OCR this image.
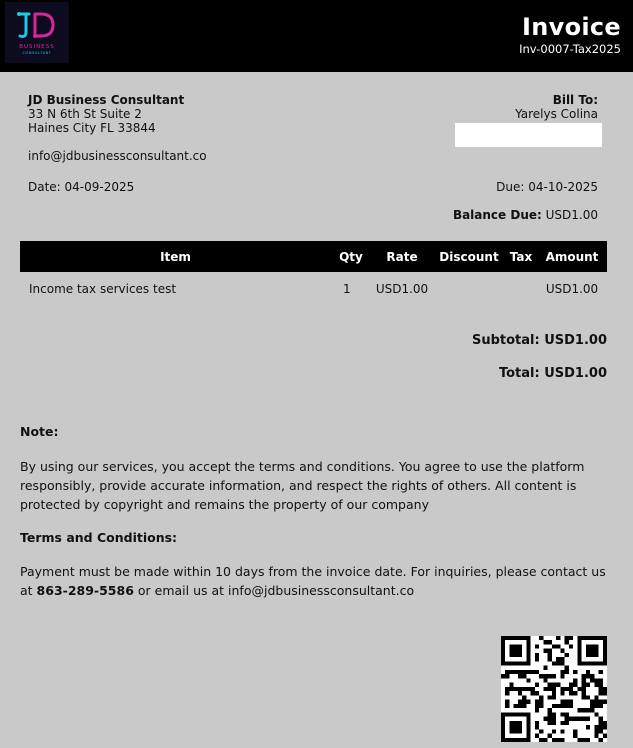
BUSINESS
CONSULTANT
JD
Invoice
Inv-0007-Tax2025
JD Business Consultant
33 N 6th St Suite 2
Haines City FL 33844
info@jdbusinessconsultant.co
Bill To:
Yarelys Colina
Date: 04-09-2025	Due: 04-10-2025
Balance Due: USD1.00
Item	Qty	Rate	Discount	Tax	Amount
Income tax services test	1	USD1.00			USD1.00
Subtotal: USD1.00
Total: USD1.00
Note:
By using our services, you accept the terms and conditions. You agree to use the platform responsibly, provide accurate information, and respect the rights of others. All content is protected by copyright and remains the property of our company
Terms and Conditions:
Payment must be made within 10 days from the invoice date. For inquiries, please contact us at 863-289-5586 or email us at info@jdbusinessconsultant.co
